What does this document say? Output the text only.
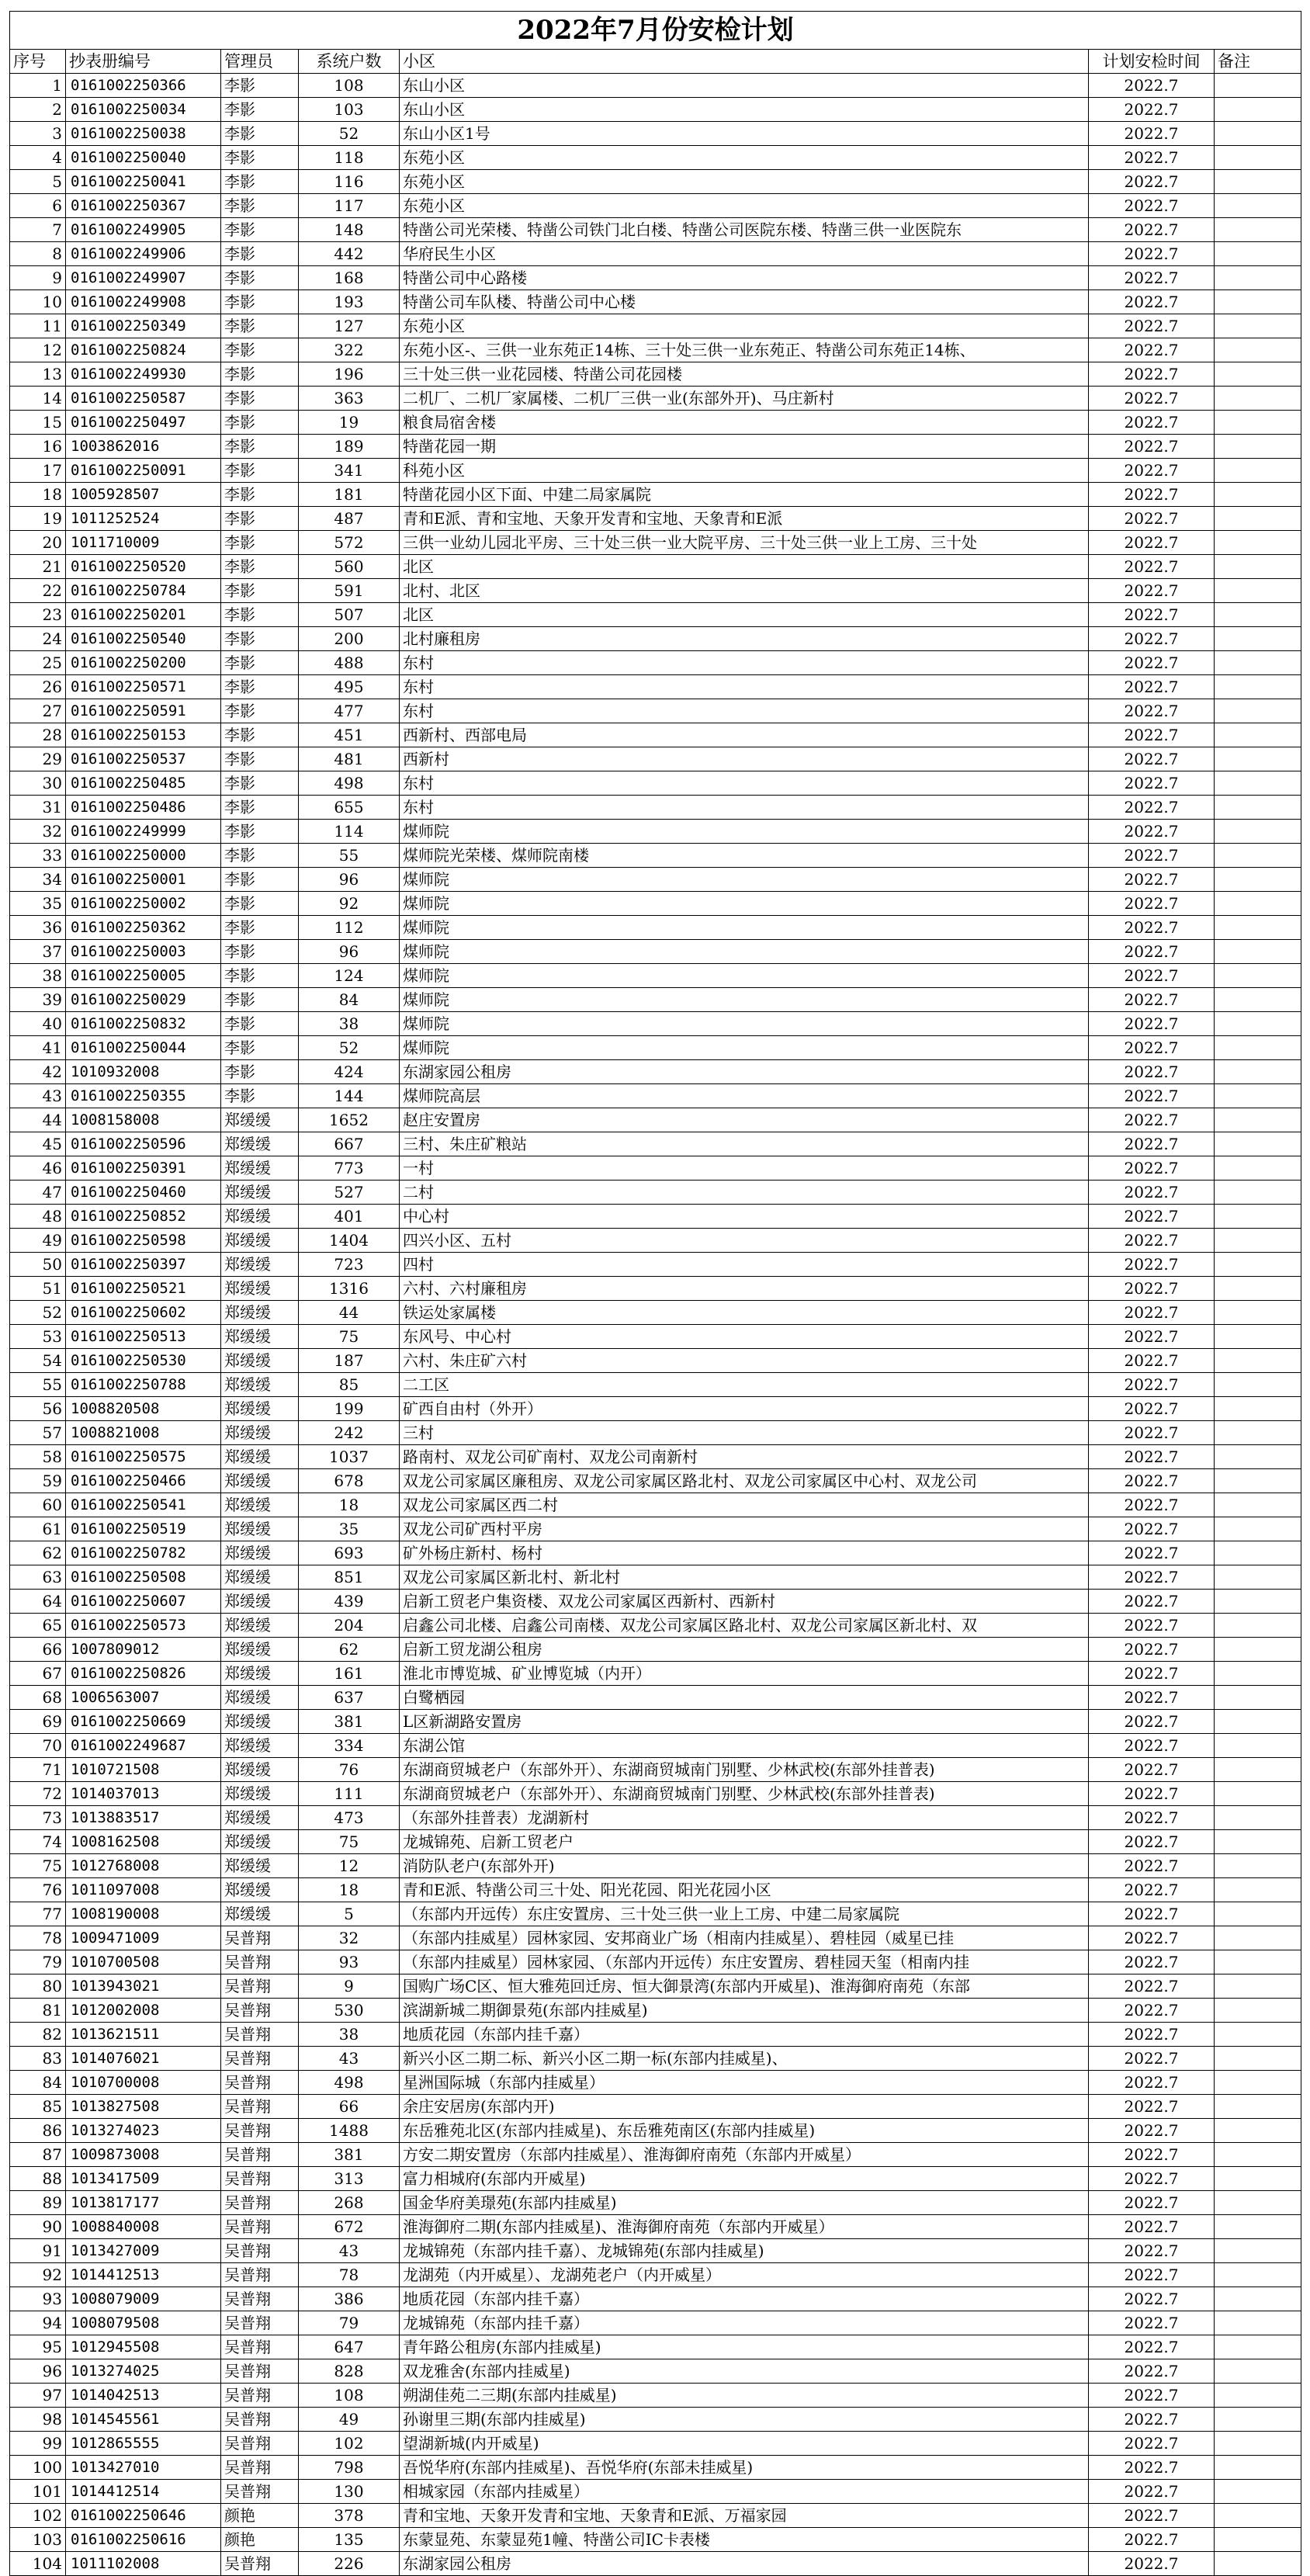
2022年7月份安检计划						
序号	抄表册编号	管理员	系统户数	小区	计划安检时间	备注
1	0161002250366	李影	108	东山小区	2022.7	
2	0161002250034	李影	103	东山小区	2022.7	
3	0161002250038	李影	52	东山小区1号	2022.7	
4	0161002250040	李影	118	东苑小区	2022.7	
5	0161002250041	李影	116	东苑小区	2022.7	
6	0161002250367	李影	117	东苑小区	2022.7	
7	0161002249905	李影	148	特凿公司光荣楼、特凿公司铁门北白楼、特凿公司医院东楼、特凿三供一业医院东	2022.7	
8	0161002249906	李影	442	华府民生小区	2022.7	
9	0161002249907	李影	168	特凿公司中心路楼	2022.7	
10	0161002249908	李影	193	特凿公司车队楼、特凿公司中心楼	2022.7	
11	0161002250349	李影	127	东苑小区	2022.7	
12	0161002250824	李影	322	东苑小区-、三供一业东苑正14栋、三十处三供一业东苑正、特凿公司东苑正14栋、	2022.7	
13	0161002249930	李影	196	三十处三供一业花园楼、特凿公司花园楼	2022.7	
14	0161002250587	李影	363	二机厂、二机厂家属楼、二机厂三供一业(东部外开)、马庄新村	2022.7	
15	0161002250497	李影	19	粮食局宿舍楼	2022.7	
16	1003862016	李影	189	特凿花园一期	2022.7	
17	0161002250091	李影	341	科苑小区	2022.7	
18	1005928507	李影	181	特凿花园小区下面、中建二局家属院	2022.7	
19	1011252524	李影	487	青和E派、青和宝地、天象开发青和宝地、天象青和E派	2022.7	
20	1011710009	李影	572	三供一业幼儿园北平房、三十处三供一业大院平房、三十处三供一业上工房、三十处	2022.7	
21	0161002250520	李影	560	北区	2022.7	
22	0161002250784	李影	591	北村、北区	2022.7	
23	0161002250201	李影	507	北区	2022.7	
24	0161002250540	李影	200	北村廉租房	2022.7	
25	0161002250200	李影	488	东村	2022.7	
26	0161002250571	李影	495	东村	2022.7	
27	0161002250591	李影	477	东村	2022.7	
28	0161002250153	李影	451	西新村、西部电局	2022.7	
29	0161002250537	李影	481	西新村	2022.7	
30	0161002250485	李影	498	东村	2022.7	
31	0161002250486	李影	655	东村	2022.7	
32	0161002249999	李影	114	煤师院	2022.7	
33	0161002250000	李影	55	煤师院光荣楼、煤师院南楼	2022.7	
34	0161002250001	李影	96	煤师院	2022.7	
35	0161002250002	李影	92	煤师院	2022.7	
36	0161002250362	李影	112	煤师院	2022.7	
37	0161002250003	李影	96	煤师院	2022.7	
38	0161002250005	李影	124	煤师院	2022.7	
39	0161002250029	李影	84	煤师院	2022.7	
40	0161002250832	李影	38	煤师院	2022.7	
41	0161002250044	李影	52	煤师院	2022.7	
42	1010932008	李影	424	东湖家园公租房	2022.7	
43	0161002250355	李影	144	煤师院高层	2022.7	
44	1008158008	郑缓缓	1652	赵庄安置房	2022.7	
45	0161002250596	郑缓缓	667	三村、朱庄矿粮站	2022.7	
46	0161002250391	郑缓缓	773	一村	2022.7	
47	0161002250460	郑缓缓	527	二村	2022.7	
48	0161002250852	郑缓缓	401	中心村	2022.7	
49	0161002250598	郑缓缓	1404	四兴小区、五村	2022.7	
50	0161002250397	郑缓缓	723	四村	2022.7	
51	0161002250521	郑缓缓	1316	六村、六村廉租房	2022.7	
52	0161002250602	郑缓缓	44	铁运处家属楼	2022.7	
53	0161002250513	郑缓缓	75	东风号、中心村	2022.7	
54	0161002250530	郑缓缓	187	六村、朱庄矿六村	2022.7	
55	0161002250788	郑缓缓	85	二工区	2022.7	
56	1008820508	郑缓缓	199	矿西自由村（外开）	2022.7	
57	1008821008	郑缓缓	242	三村	2022.7	
58	0161002250575	郑缓缓	1037	路南村、双龙公司矿南村、双龙公司南新村	2022.7	
59	0161002250466	郑缓缓	678	双龙公司家属区廉租房、双龙公司家属区路北村、双龙公司家属区中心村、双龙公司	2022.7	
60	0161002250541	郑缓缓	18	双龙公司家属区西二村	2022.7	
61	0161002250519	郑缓缓	35	双龙公司矿西村平房	2022.7	
62	0161002250782	郑缓缓	693	矿外杨庄新村、杨村	2022.7	
63	0161002250508	郑缓缓	851	双龙公司家属区新北村、新北村	2022.7	
64	0161002250607	郑缓缓	439	启新工贸老户集资楼、双龙公司家属区西新村、西新村	2022.7	
65	0161002250573	郑缓缓	204	启鑫公司北楼、启鑫公司南楼、双龙公司家属区路北村、双龙公司家属区新北村、双	2022.7	
66	1007809012	郑缓缓	62	启新工贸龙湖公租房	2022.7	
67	0161002250826	郑缓缓	161	淮北市博览城、矿业博览城（内开）	2022.7	
68	1006563007	郑缓缓	637	白鹭栖园	2022.7	
69	0161002250669	郑缓缓	381	L区新湖路安置房	2022.7	
70	0161002249687	郑缓缓	334	东湖公馆	2022.7	
71	1010721508	郑缓缓	76	东湖商贸城老户（东部外开）、东湖商贸城南门别墅、少林武校(东部外挂普表)	2022.7	
72	1014037013	郑缓缓	111	东湖商贸城老户（东部外开）、东湖商贸城南门别墅、少林武校(东部外挂普表)	2022.7	
73	1013883517	郑缓缓	473	（东部外挂普表）龙湖新村	2022.7	
74	1008162508	郑缓缓	75	龙城锦苑、启新工贸老户	2022.7	
75	1012768008	郑缓缓	12	消防队老户(东部外开)	2022.7	
76	1011097008	郑缓缓	18	青和E派、特凿公司三十处、阳光花园、阳光花园小区	2022.7	
77	1008190008	郑缓缓	5	（东部内开远传）东庄安置房、三十处三供一业上工房、中建二局家属院	2022.7	
78	1009471009	吴普翔	32	（东部内挂威星）园林家园、安邦商业广场（相南内挂威星）、碧桂园（威星已挂	2022.7	
79	1010700508	吴普翔	93	（东部内挂威星）园林家园、（东部内开远传）东庄安置房、碧桂园天玺（相南内挂	2022.7	
80	1013943021	吴普翔	9	国购广场C区、恒大雅苑回迁房、恒大御景湾(东部内开威星)、淮海御府南苑（东部	2022.7	
81	1012002008	吴普翔	530	滨湖新城二期御景苑(东部内挂威星)	2022.7	
82	1013621511	吴普翔	38	地质花园（东部内挂千嘉）	2022.7	
83	1014076021	吴普翔	43	新兴小区二期二标、新兴小区二期一标(东部内挂威星)、	2022.7	
84	1010700008	吴普翔	498	星洲国际城（东部内挂威星）	2022.7	
85	1013827508	吴普翔	66	余庄安居房(东部内开)	2022.7	
86	1013274023	吴普翔	1488	东岳雅苑北区(东部内挂威星)、东岳雅苑南区(东部内挂威星)	2022.7	
87	1009873008	吴普翔	381	方安二期安置房（东部内挂威星）、淮海御府南苑（东部内开威星）	2022.7	
88	1013417509	吴普翔	313	富力相城府(东部内开威星)	2022.7	
89	1013817177	吴普翔	268	国金华府美璟苑(东部内挂威星)	2022.7	
90	1008840008	吴普翔	672	淮海御府二期(东部内挂威星)、淮海御府南苑（东部内开威星）	2022.7	
91	1013427009	吴普翔	43	龙城锦苑（东部内挂千嘉）、龙城锦苑(东部内挂威星)	2022.7	
92	1014412513	吴普翔	78	龙湖苑（内开威星）、龙湖苑老户（内开威星）	2022.7	
93	1008079009	吴普翔	386	地质花园（东部内挂千嘉）	2022.7	
94	1008079508	吴普翔	79	龙城锦苑（东部内挂千嘉）	2022.7	
95	1012945508	吴普翔	647	青年路公租房(东部内挂威星)	2022.7	
96	1013274025	吴普翔	828	双龙雅舍(东部内挂威星)	2022.7	
97	1014042513	吴普翔	108	朔湖佳苑二三期(东部内挂威星)	2022.7	
98	1014545561	吴普翔	49	孙谢里三期(东部内挂威星)	2022.7	
99	1012865555	吴普翔	102	望湖新城(内开威星)	2022.7	
100	1013427010	吴普翔	798	吾悦华府(东部内挂威星)、吾悦华府(东部未挂威星)	2022.7	
101	1014412514	吴普翔	130	相城家园（东部内挂威星）	2022.7	
102	0161002250646	颜艳	378	青和宝地、天象开发青和宝地、天象青和E派、万福家园	2022.7	
103	0161002250616	颜艳	135	东蒙显苑、东蒙显苑1幢、特凿公司IC卡表楼	2022.7	
104	1011102008	吴普翔	226	东湖家园公租房	2022.7	
